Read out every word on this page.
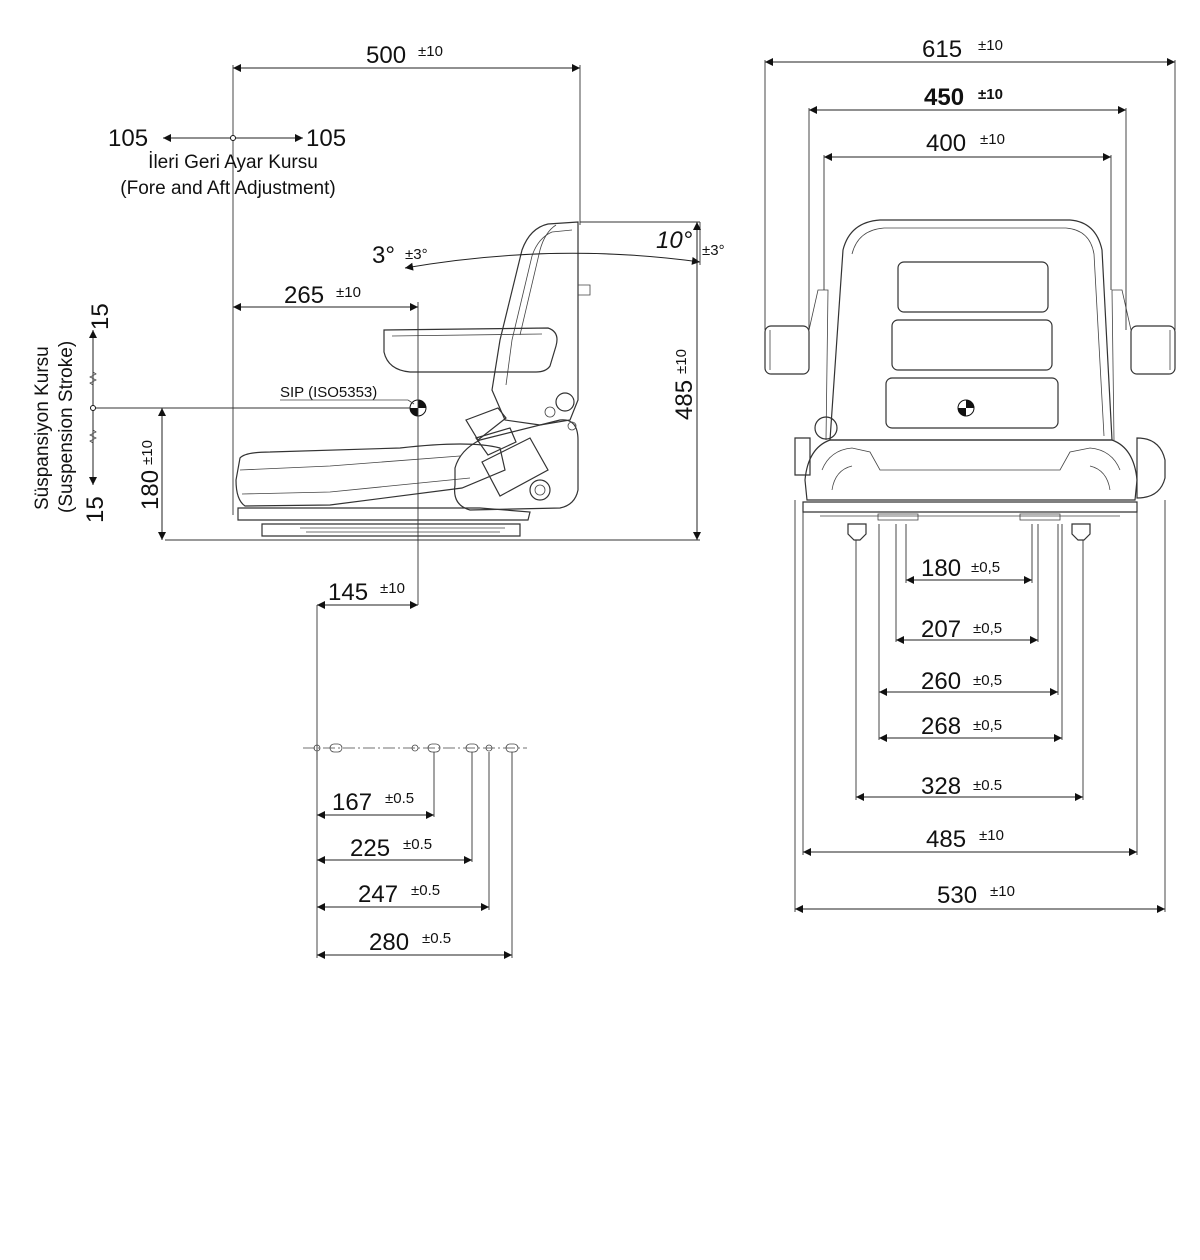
500 ±10
105	105
İleri Geri Ayar Kursu
(Fore and Aft Adjustment)
3° ±3°
10° ±3°
265 ±10
SIP (ISO5353)	485
±10
180
±10
15
15
Süspansiyon Kursu (Suspension Stroke)
145 ±10
167 ±0.5
225 ±0.5
247 ±0.5
280 ±0.5
615 ±10
450 ±10
400 ±10
180 ±0,5
207 ±0,5
260 ±0,5
268 ±0,5
328 ±0.5
485 ±10
530 ±10
